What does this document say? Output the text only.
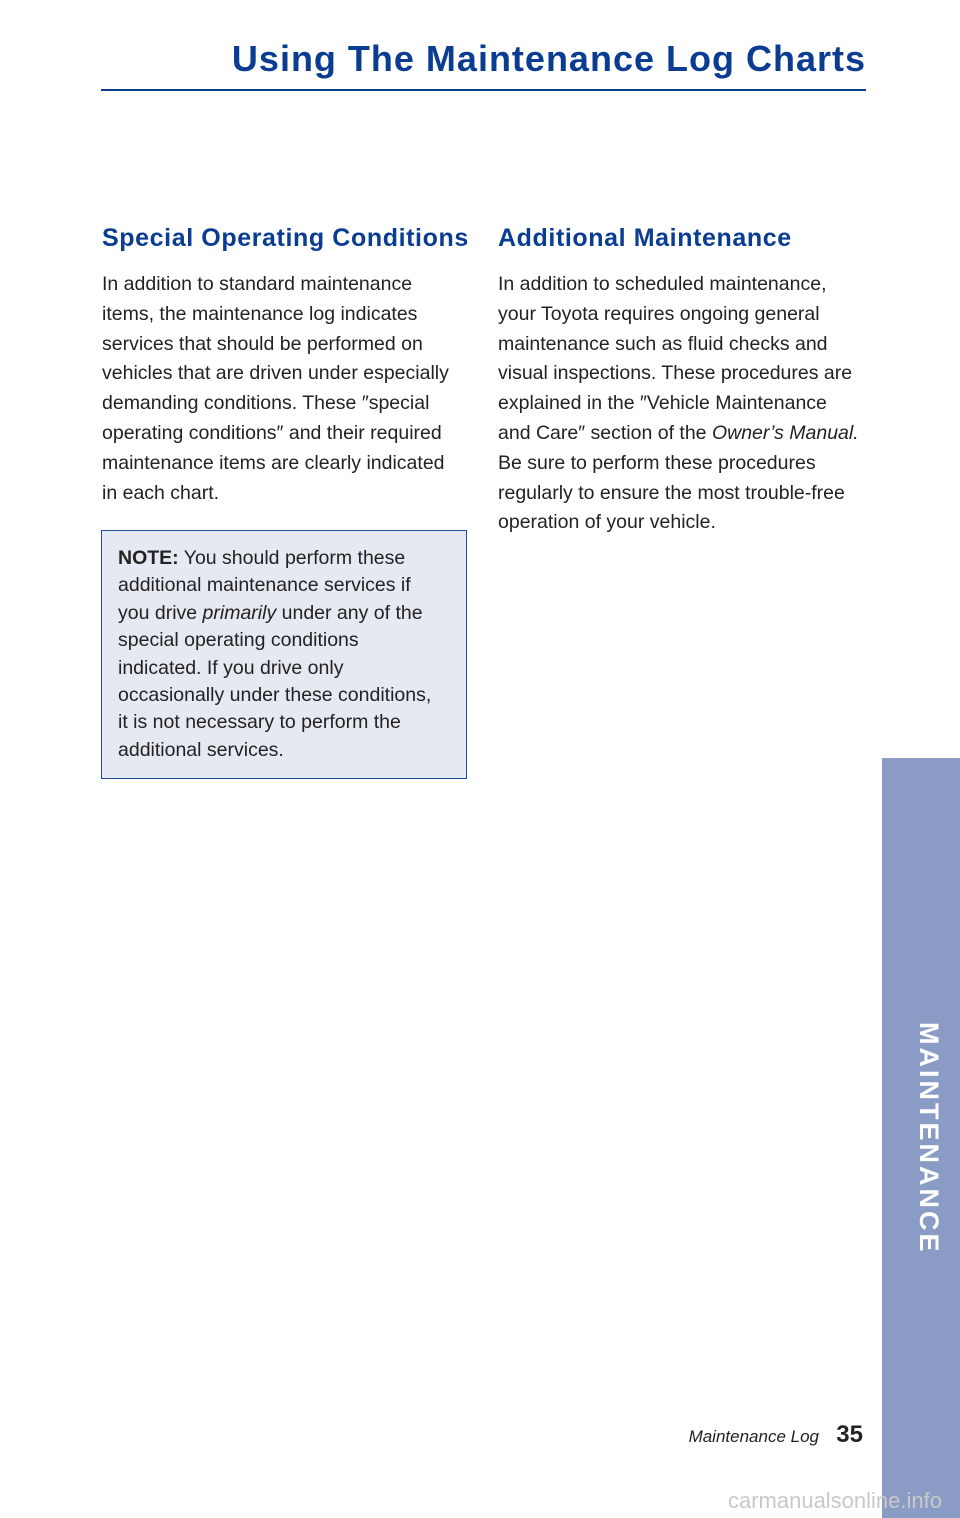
Using The Maintenance Log Charts
Special Operating Conditions

In addition to standard maintenance

items, the maintenance log indicates

services that should be performed on

vehicles that are driven under especially

demanding conditions. These ″special

operating conditions″ and their required

maintenance items are clearly indicated

in each chart.

NOTE: You should perform these

additional maintenance services if

you drive primarily under any of the

special operating conditions

indicated. If you drive only

occasionally under these conditions,

it is not necessary to perform the

additional services.

Additional Maintenance

In addition to scheduled maintenance,

your Toyota requires ongoing general

maintenance such as fluid checks and

visual inspections. These procedures are

explained in the ″Vehicle Maintenance

and Care″ section of the Owner’s Manual.

Be sure to perform these procedures

regularly to ensure the most trouble-free

operation of your vehicle.

MAINTENANCE
Maintenance Log 35
carmanualsonline.info
